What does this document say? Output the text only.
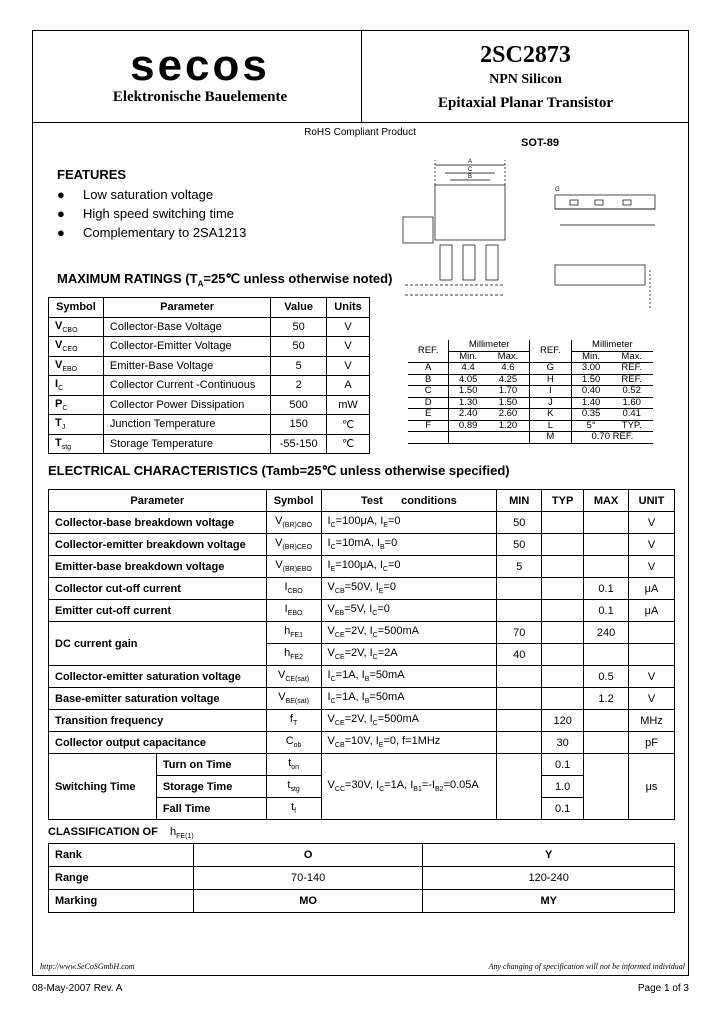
secos
Elektronische Bauelemente
2SC2873
NPN Silicon
Epitaxial Planar Transistor
RoHS Compliant Product
SOT-89
A
C
B
G
REF.	Millimeter		REF.	Millimeter	
	Min.	Max.		Min.	Max.
A	4.4	4.6	G	3.00	REF.
B	4.05	4.25	H	1.50	REF.
C	1.50	1.70	I	0.40	0.52
D	1.30	1.50	J	1.40	1.60
E	2.40	2.60	K	0.35	0.41
F	0.89	1.20	L	5°	TYP.
			M	0.70 REF.	
FEATURES
● Low saturation voltage
● High speed switching time
● Complementary to 2SA1213
MAXIMUM RATINGS ($T_A=25℃$ unless otherwise noted)
Symbol	Parameter	Value	Units
$V_{CBO}$	Collector-Base Voltage	50	V
$V_{CEO}$	Collector-Emitter Voltage	50	V
$V_{EBO}$	Emitter-Base Voltage	5	V
$I_C$	Collector Current -Continuous	2	A
$P_C$	Collector Power Dissipation	500	mW
$T_J$	Junction Temperature	150	℃
$T_{stg}$	Storage Temperature	-55-150	℃
ELECTRICAL CHARACTERISTICS (Tamb=25℃ unless otherwise specified)
Parameter		Symbol	Test      conditions	MIN	TYP	MAX	UNIT
Collector-base breakdown voltage		$V_{(BR)CBO}$	$I_C=100\mu A$, $I_E=0$	50			V
Collector-emitter breakdown voltage		$V_{(BR)CEO}$	$I_C=10mA$, $I_B=0$	50			V
Emitter-base breakdown voltage		$V_{(BR)EBO}$	$I_E=100\mu A$, $I_C=0$	5			V
Collector cut-off current		$I_{CBO}$	$V_{CB}=50V$, $I_E=0$			0.1	μA
Emitter cut-off current		$I_{EBO}$	$V_{EB}=5V$, $I_C=0$			0.1	μA
DC current gain		$h_{FE1}$	$V_{CE}=2V$, $I_C=500mA$	70		240	
		$h_{FE2}$	$V_{CE}=2V$, $I_C=2A$	40			
Collector-emitter saturation voltage		$V_{CE(sat)}$	$I_C=1A$, $I_B=50mA$			0.5	V
Base-emitter saturation voltage		$V_{BE(sat)}$	$I_C=1A$, $I_B=50mA$			1.2	V
Transition frequency		$f_T$	$V_{CE}=2V$, $I_C=500mA$		120		MHz
Collector output capacitance		$C_{ob}$	$V_{CB}=10V$, $I_E=0$, f=1MHz		30		pF
Switching Time	Turn on Time	$t_{on}$	$V_{CC}=30V$, $I_C=1A$, $I_{B1}=-I_{B2}=0.05A$		0.1		μs
	Storage Time	$t_{stg}$			1.0		
	Fall Time	$t_f$			0.1		
CLASSIFICATION OF $h_{FE(1)}$
Rank	O	Y
Range	70-140	120-240
Marking	MO	MY
http://www.SeCoSGmbH.com	Any changing of specification will not be informed individual
08-May-2007 Rev. A	Page 1 of 3
